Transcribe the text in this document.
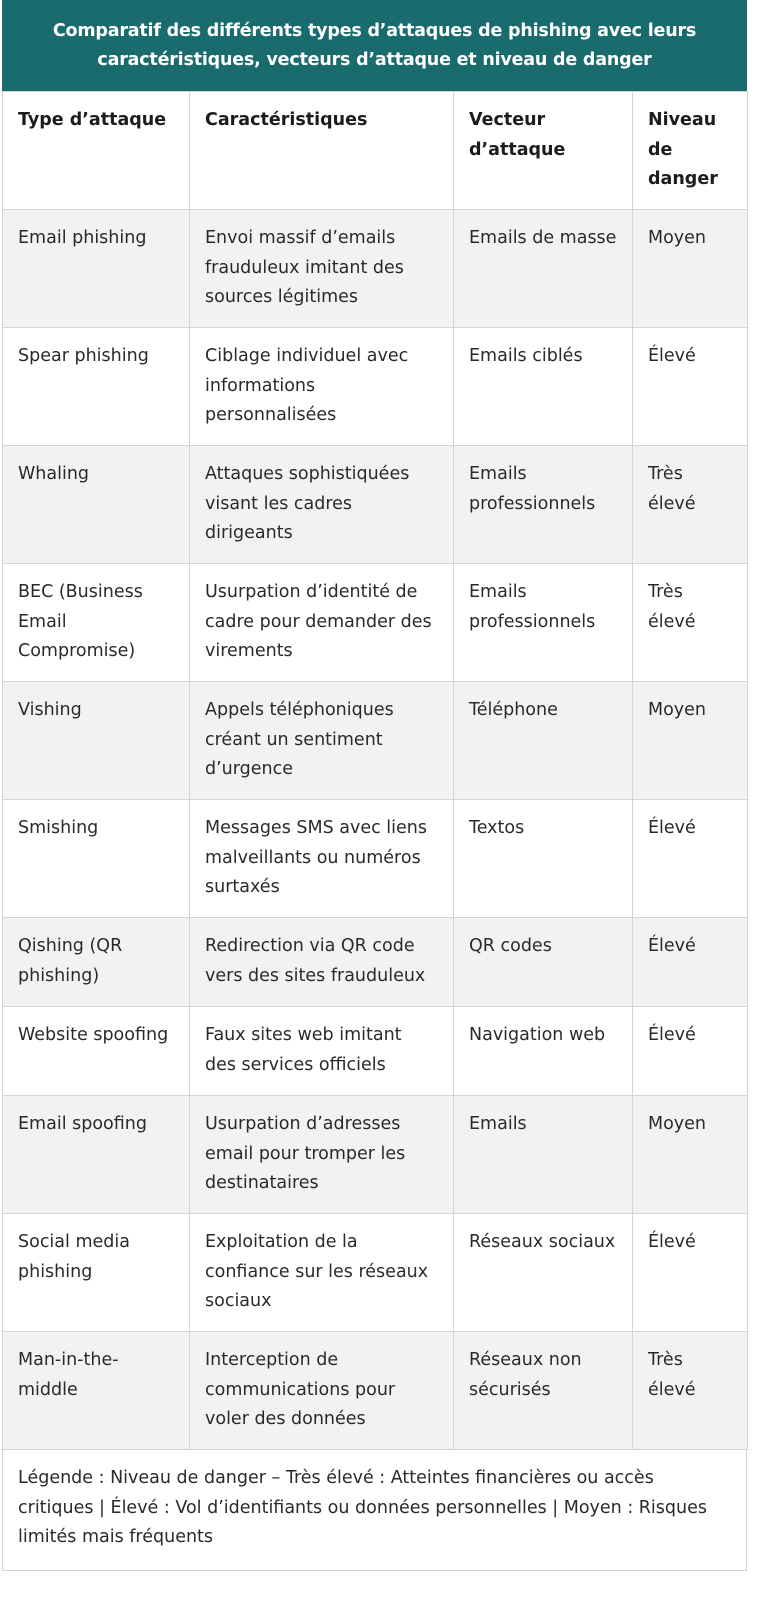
Comparatif des différents types d’attaques de phishing avec leurs
caractéristiques, vecteurs d’attaque et niveau de danger
Type d’attaque	Caractéristiques	Vecteur d’attaque	Niveau de danger
Email phishing	Envoi massif d’emails frauduleux imitant des sources légitimes	Emails de masse	Moyen
Spear phishing	Ciblage individuel avec informations personnalisées	Emails ciblés	Élevé
Whaling	Attaques sophistiquées visant les cadres dirigeants	Emails professionnels	Très élevé
BEC (Business Email Compromise)	Usurpation d’identité de cadre pour demander des virements	Emails professionnels	Très élevé
Vishing	Appels téléphoniques créant un sentiment d’urgence	Téléphone	Moyen
Smishing	Messages SMS avec liens malveillants ou numéros surtaxés	Textos	Élevé
Qishing (QR phishing)	Redirection via QR code vers des sites frauduleux	QR codes	Élevé
Website spoofing	Faux sites web imitant des services officiels	Navigation web	Élevé
Email spoofing	Usurpation d’adresses email pour tromper les destinataires	Emails	Moyen
Social media phishing	Exploitation de la confiance sur les réseaux sociaux	Réseaux sociaux	Élevé
Man-in-the-middle	Interception de communications pour voler des données	Réseaux non sécurisés	Très élevé
Légende : Niveau de danger – Très élevé : Atteintes financières ou accès critiques | Élevé : Vol d’identifiants ou données personnelles | Moyen : Risques limités mais fréquents
